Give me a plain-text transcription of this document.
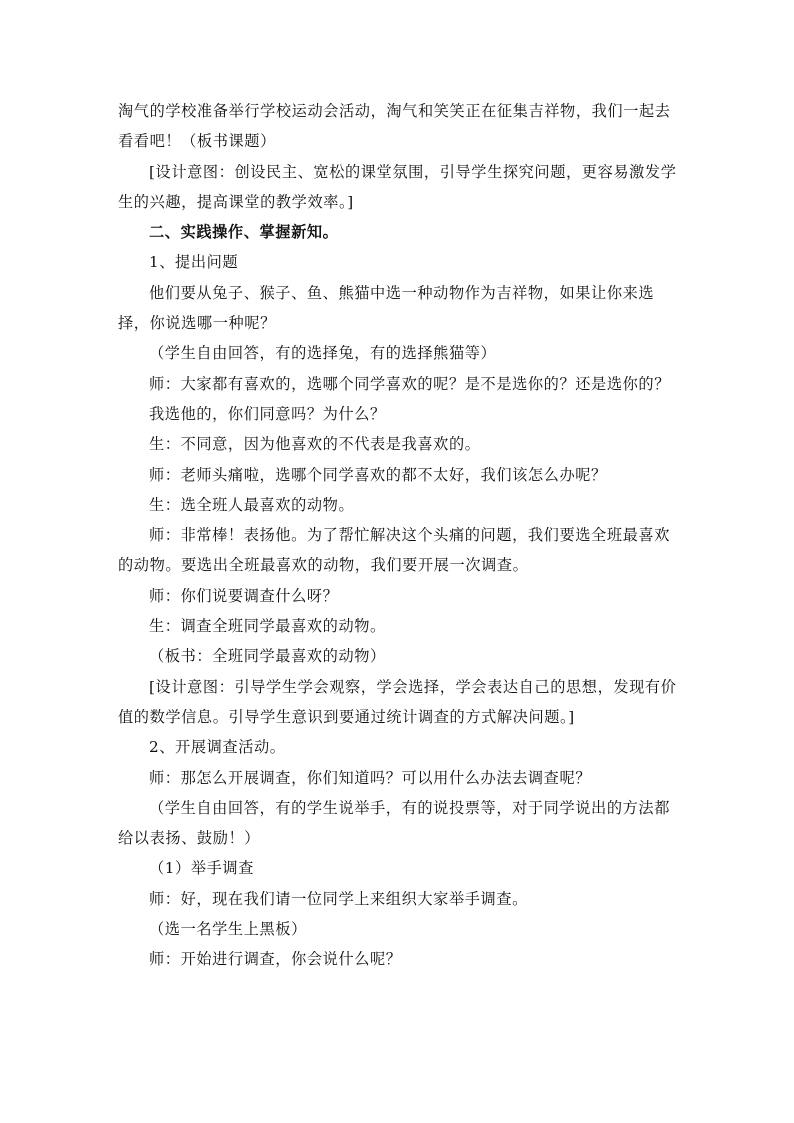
淘气的学校准备举行学校运动会活动，淘气和笑笑正在征集吉祥物，我们一起去看看吧！（板书课题）

[设计意图：创设民主、宽松的课堂氛围，引导学生探究问题，更容易激发学生的兴趣，提高课堂的教学效率。]

二、实践操作、掌握新知。

1、提出问题

他们要从兔子、猴子、鱼、熊猫中选一种动物作为吉祥物，如果让你来选择，你说选哪一种呢？

（学生自由回答，有的选择兔，有的选择熊猫等）

师：大家都有喜欢的，选哪个同学喜欢的呢？是不是选你的？还是选你的？

我选他的，你们同意吗？为什么？

生：不同意，因为他喜欢的不代表是我喜欢的。

师：老师头痛啦，选哪个同学喜欢的都不太好，我们该怎么办呢？

生：选全班人最喜欢的动物。

师：非常棒！表扬他。为了帮忙解决这个头痛的问题，我们要选全班最喜欢的动物。要选出全班最喜欢的动物，我们要开展一次调查。

师：你们说要调查什么呀？

生：调查全班同学最喜欢的动物。

（板书：全班同学最喜欢的动物）

[设计意图：引导学生学会观察，学会选择，学会表达自己的思想，发现有价值的数学信息。引导学生意识到要通过统计调查的方式解决问题。]

2、开展调查活动。

师：那怎么开展调查，你们知道吗？可以用什么办法去调查呢？

（学生自由回答，有的学生说举手，有的说投票等，对于同学说出的方法都给以表扬、鼓励！）

（1）举手调查

师：好，现在我们请一位同学上来组织大家举手调查。

（选一名学生上黑板）

师：开始进行调查，你会说什么呢？
